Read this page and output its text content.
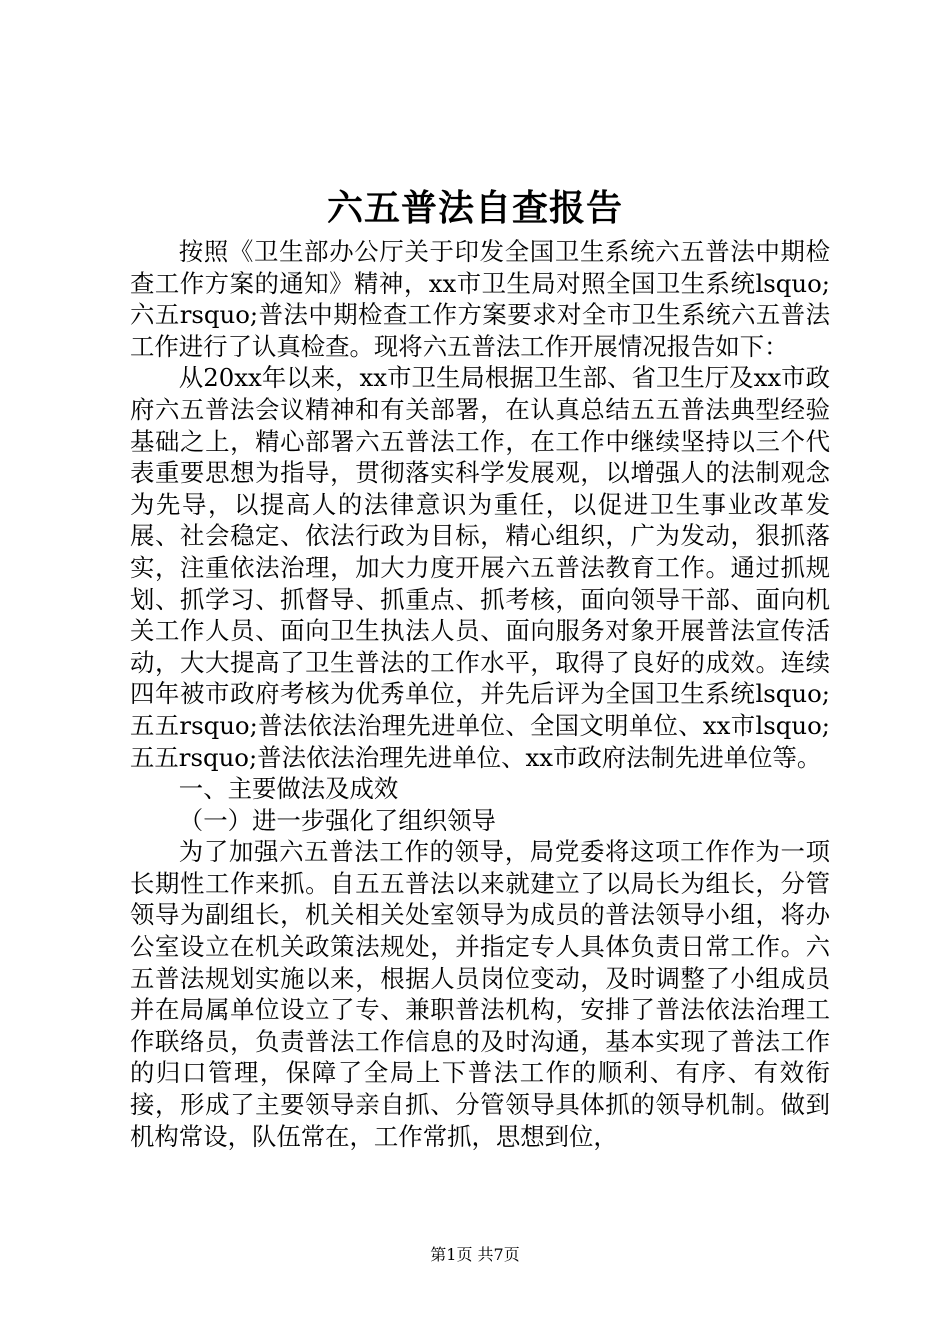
六五普法自查报告

按照《卫生部办公厅关于印发全国卫生系统六五普法中期检查工作方案的通知》精神，xx市卫生局对照全国卫生系统lsquo;六五rsquo;普法中期检查工作方案要求对全市卫生系统六五普法工作进行了认真检查。现将六五普法工作开展情况报告如下：

从20xx年以来，xx市卫生局根据卫生部、省卫生厅及xx市政府六五普法会议精神和有关部署，在认真总结五五普法典型经验基础之上，精心部署六五普法工作，在工作中继续坚持以三个代表重要思想为指导，贯彻落实科学发展观，以增强人的法制观念为先导，以提高人的法律意识为重任，以促进卫生事业改革发展、社会稳定、依法行政为目标，精心组织，广为发动，狠抓落实，注重依法治理，加大力度开展六五普法教育工作。通过抓规划、抓学习、抓督导、抓重点、抓考核，面向领导干部、面向机关工作人员、面向卫生执法人员、面向服务对象开展普法宣传活动，大大提高了卫生普法的工作水平，取得了良好的成效。连续四年被市政府考核为优秀单位，并先后评为全国卫生系统lsquo;五五rsquo;普法依法治理先进单位、全国文明单位、xx市lsquo;五五rsquo;普法依法治理先进单位、xx市政府法制先进单位等。

一、主要做法及成效

（一）进一步强化了组织领导

为了加强六五普法工作的领导，局党委将这项工作作为一项长期性工作来抓。自五五普法以来就建立了以局长为组长，分管领导为副组长，机关相关处室领导为成员的普法领导小组，将办公室设立在机关政策法规处，并指定专人具体负责日常工作。六五普法规划实施以来，根据人员岗位变动，及时调整了小组成员并在局属单位设立了专、兼职普法机构，安排了普法依法治理工作联络员，负责普法工作信息的及时沟通，基本实现了普法工作的归口管理，保障了全局上下普法工作的顺利、有序、有效衔接，形成了主要领导亲自抓、分管领导具体抓的领导机制。做到机构常设，队伍常在，工作常抓，思想到位，

第1页 共7页
